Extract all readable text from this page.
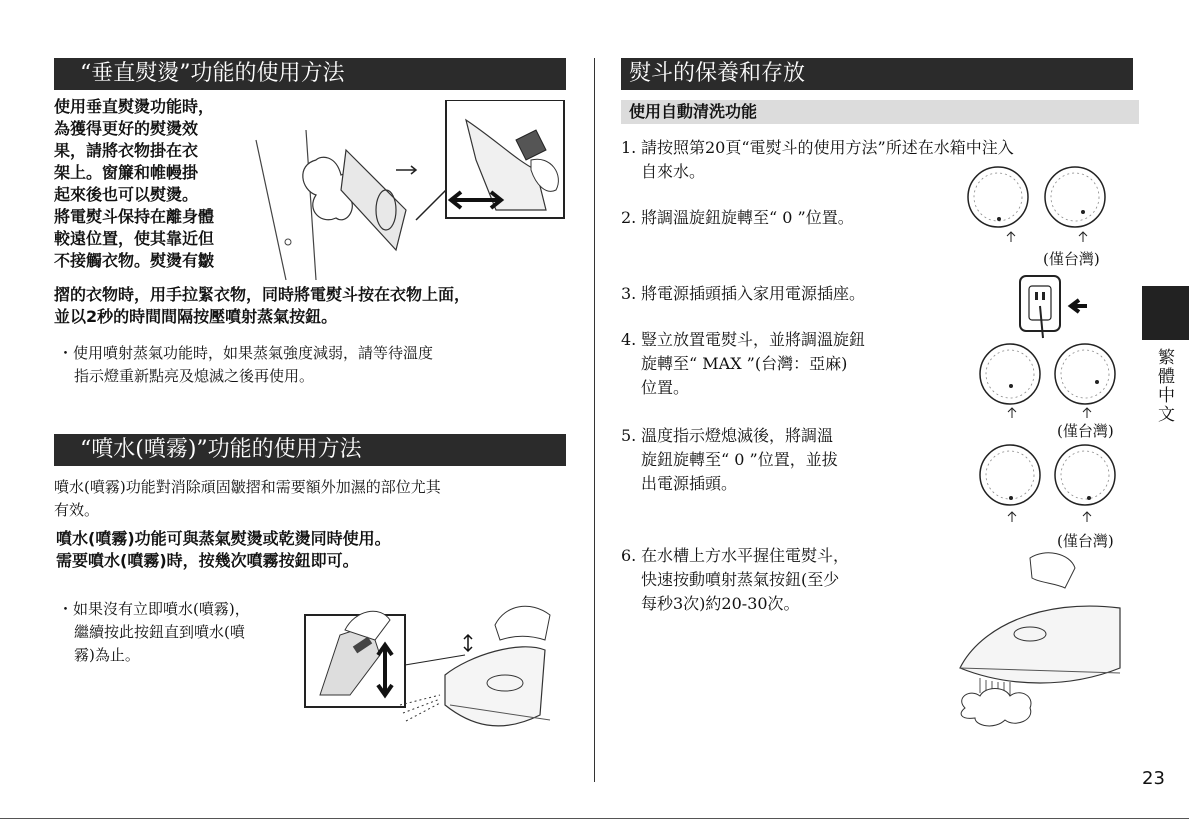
“垂直熨燙”功能的使用方法
使用垂直熨燙功能時，
為獲得更好的熨燙效
果，請將衣物掛在衣
架上。窗簾和帷幔掛
起來後也可以熨燙。
將電熨斗保持在離身體
較遠位置，使其靠近但
不接觸衣物。熨燙有皺
摺的衣物時，用手拉緊衣物，同時將電熨斗按在衣物上面，
並以2秒的時間間隔按壓噴射蒸氣按鈕。
・使用噴射蒸氣功能時，如果蒸氣強度減弱，請等待溫度
指示燈重新點亮及熄滅之後再使用。
“噴水(噴霧)”功能的使用方法
噴水(噴霧)功能對消除頑固皺摺和需要額外加濕的部位尤其
有效。
噴水(噴霧)功能可與蒸氣熨燙或乾燙同時使用。
需要噴水(噴霧)時，按幾次噴霧按鈕即可。
・如果沒有立即噴水(噴霧)，
繼續按此按鈕直到噴水(噴
霧)為止。
熨斗的保養和存放
使用自動清洗功能
1. 請按照第20頁“電熨斗的使用方法”所述在水箱中注入
自來水。
2. 將調溫旋鈕旋轉至“ 0 ”位置。
3. 將電源插頭插入家用電源插座。
4. 豎立放置電熨斗，並將調溫旋鈕
旋轉至“ MAX ”(台灣：亞麻)
位置。
5. 溫度指示燈熄滅後，將調溫
旋鈕旋轉至“ 0 ”位置，並拔
出電源插頭。
6. 在水槽上方水平握住電熨斗，
快速按動噴射蒸氣按鈕(至少
每秒3次)約20-30次。
(僅台灣)
(僅台灣)
(僅台灣)
繁體中文
23
